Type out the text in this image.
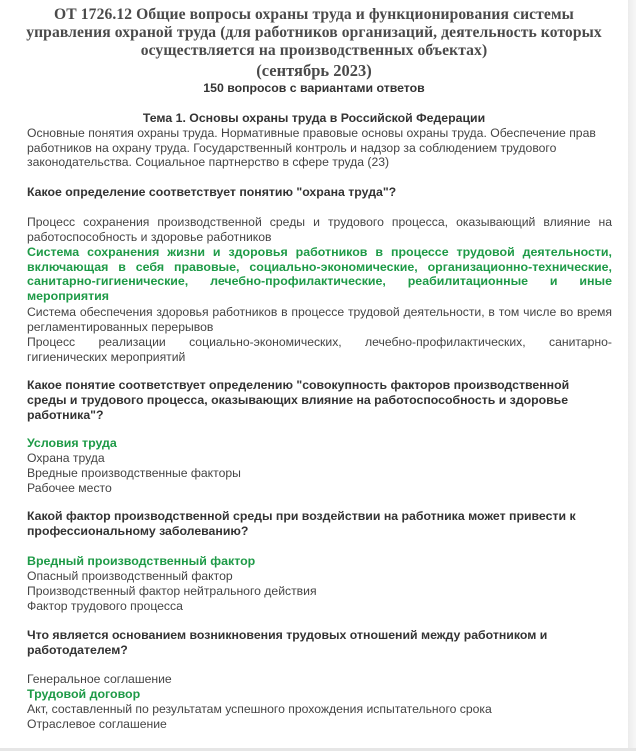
ОТ 1726.12 Общие вопросы охраны труда и функционирования системы управления охраной труда (для работников организаций, деятельность которых осуществляется на производственных объектах)
(сентябрь 2023)
150 вопросов с вариантами ответов
Тема 1. Основы охраны труда в Российской Федерации
Основные понятия охраны труда. Нормативные правовые основы охраны труда. Обеспечение прав работников на охрану труда. Государственный контроль и надзор за соблюдением трудового законодательства. Социальное партнерство в сфере труда (23)
Какое определение соответствует понятию "охрана труда"?
Процесс сохранения производственной среды и трудового процесса, оказывающий влияние на работоспособность и здоровье работников
Система сохранения жизни и здоровья работников в процессе трудовой деятельности, включающая в себя правовые, социально-экономические, организационно-технические, санитарно-гигиенические, лечебно-профилактические, реабилитационные и иные мероприятия
Система обеспечения здоровья работников в процессе трудовой деятельности, в том числе во время регламентированных перерывов
Процесс реализации социально-экономических, лечебно-профилактических, санитарно-гигиенических мероприятий
Какое понятие соответствует определению "совокупность факторов производственной среды и трудового процесса, оказывающих влияние на работоспособность и здоровье работника"?
Условия труда
Охрана труда
Вредные производственные факторы
Рабочее место
Какой фактор производственной среды при воздействии на работника может привести к профессиональному заболеванию?
Вредный производственный фактор
Опасный производственный фактор
Производственный фактор нейтрального действия
Фактор трудового процесса
Что является основанием возникновения трудовых отношений между работником и работодателем?
Генеральное соглашение
Трудовой договор
Акт, составленный по результатам успешного прохождения испытательного срока
Отраслевое соглашение
